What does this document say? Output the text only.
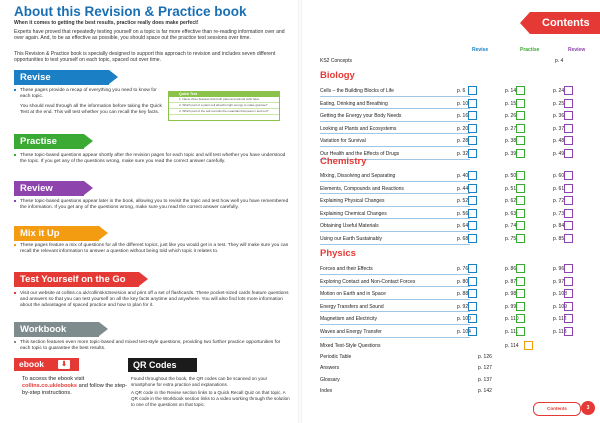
About this Revision & Practice book
When it comes to getting the best results, practice really does make perfect!
Experts have proved that repeatedly testing yourself on a topic is far more effective than re-reading information over and over again. And, to be as effective as possible, you should space out the practice test sessions over time.
This Revision & Practice book is specially designed to support this approach to revision and includes seven different opportunities to test yourself on each topic, spaced out over time.
Revise
These pages provide a recap of everything you need to know for each topic.
You should read through all the information before taking the Quick Test at the end. This will test whether you can recall the key facts.
Practise
These topic-based questions appear shortly after the revision pages for each topic and will test whether you have understood the topic. If you get any of the questions wrong, make sure you read the correct answer carefully.
Review
These topic-based questions appear later in the book, allowing you to revisit the topic and test how well you have remembered the information. If you get any of the questions wrong, make sure you read the correct answer carefully.
Mix it Up
These pages feature a mix of questions for all the different topics, just like you would get in a test. They will make sure you can recall the relevant information to answer a question without being told which topic it relates to.
Test Yourself on the Go
Visit our website at collins.co.uk/collinsks3revision and print off a set of flashcards. These pocket-sized cards feature questions and answers so that you can test yourself on all the key facts anytime and anywhere. You will also find lots more information about the advantages of spaced practice and how to plan for it.
Workbook
This section features even more topic-based and mixed test-style questions, providing two further practice opportunities for each topic to guarantee the best results.
Quick Test
1. Name three features that both plant and animal cells have.
2. Which part of a plant cell absorbs light energy to make glucose?
3. Which part of the cell controls the materials that pass in and out?
ebook	⬇
To access the ebook visit
collins.co.uk/ebooks and follow the step-by-step instructions.
QR Codes
Found throughout the book, the QR codes can be scanned on your smartphone for extra practice and explanations.
A QR code in the Revise section links to a Quick Recall Quiz on that topic. A QR code in the Workbook section links to a video working through the solution to one of the questions on that topic.
Contents
Revise	Practise	Review
KS2 Concepts	p. 4
Biology
Cells – the Building Blocks of Life	p. 6	p. 14	p. 24
Eating, Drinking and Breathing	p. 10	p. 15	p. 25
Getting the Energy your Body Needs	p. 16	p. 26	p. 36
Looking at Plants and Ecosystems	p. 20	p. 27	p. 37
Variation for Survival	p. 28	p. 38	p. 48
Our Health and the Effects of Drugs	p. 32	p. 39	p. 49
Chemistry
Mixing, Dissolving and Separating	p. 40	p. 50	p. 60
Elements, Compounds and Reactions	p. 44	p. 51	p. 61
Explaining Physical Changes	p. 52	p. 62	p. 72
Explaining Chemical Changes	p. 56	p. 63	p. 73
Obtaining Useful Materials	p. 64	p. 74	p. 84
Using our Earth Sustainably	p. 68	p. 75	p. 85
Physics
Forces and their Effects	p. 76	p. 86	p. 96
Exploring Contact and Non-Contact Forces	p. 80	p. 87	p. 97
Motion on Earth and in Space	p. 88	p. 98	p. 108
Energy Transfers and Sound	p. 92	p. 99	p. 109
Magnetism and Electricity	p. 100	p. 110	p. 112
Waves and Energy Transfer	p. 104	p. 111	p. 113
Mixed Test-Style Questions	p. 114
Periodic Table	p. 126
Answers	p. 127
Glossary	p. 137
Index	p. 142
Contents	3
